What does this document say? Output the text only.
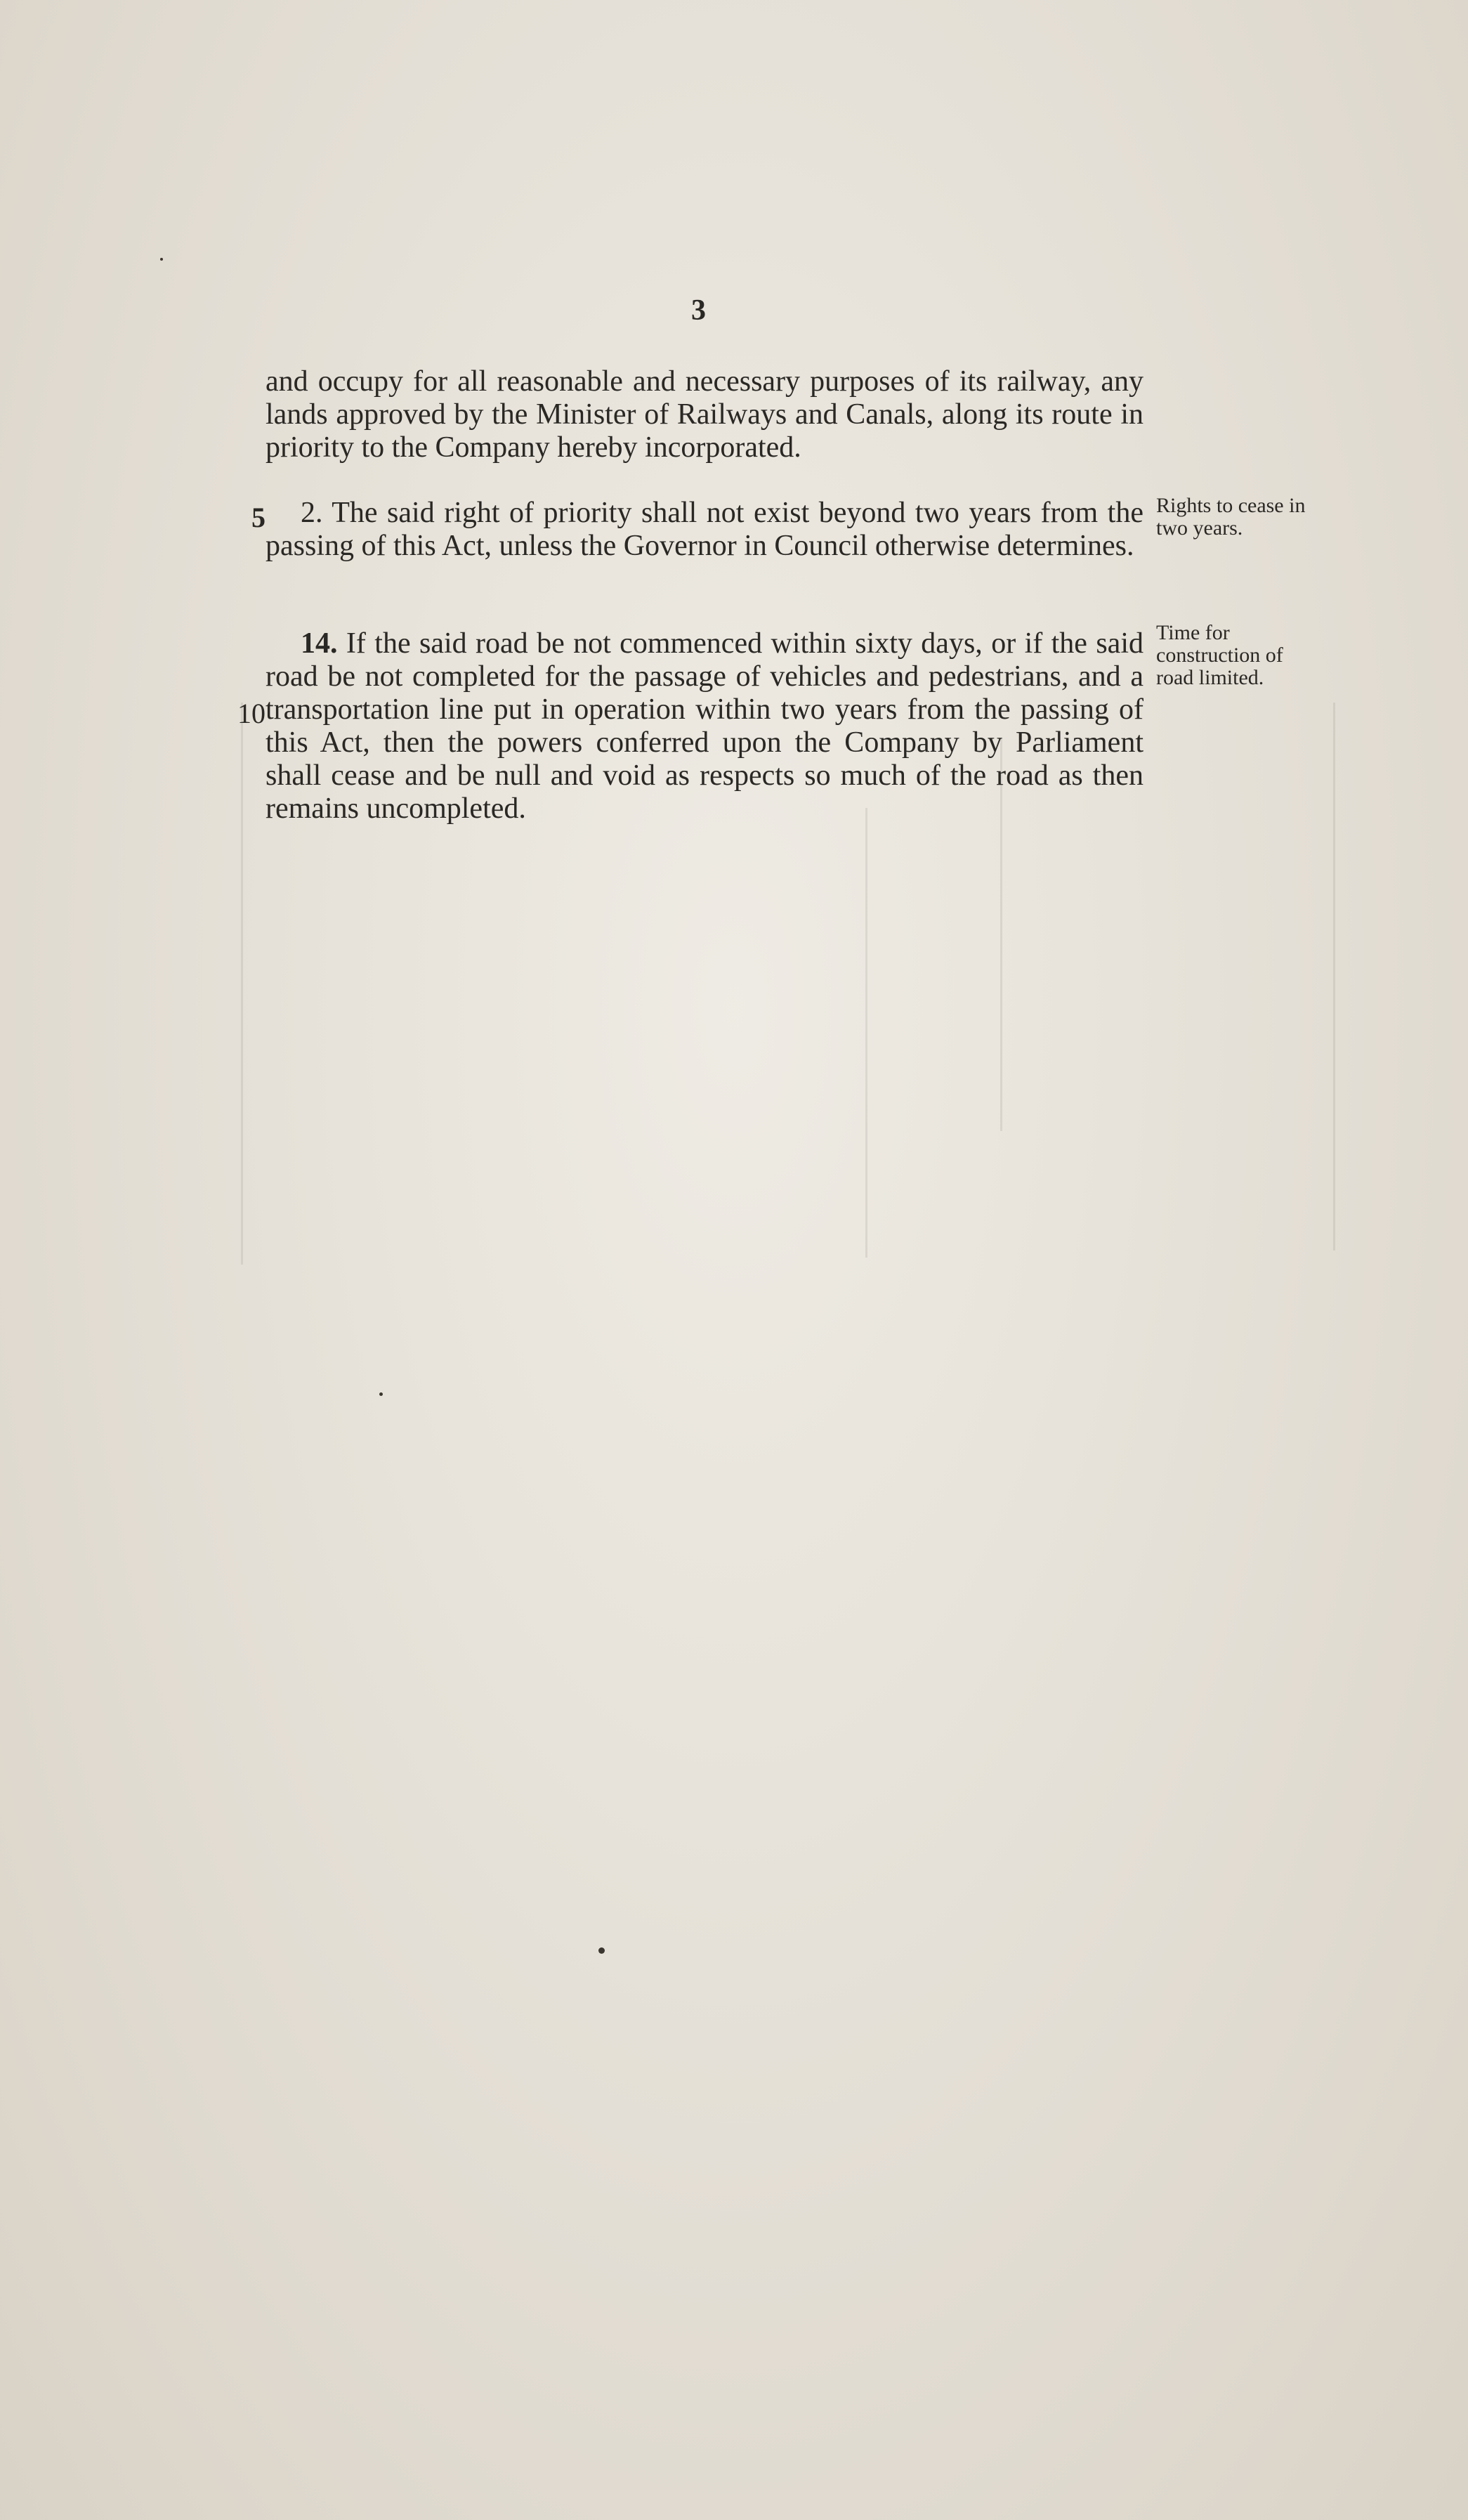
3

and occupy for all reasonable and necessary purposes of its railway, any lands approved by the Minister of Railways and Canals, along its route in priority to the Company hereby incorporated.

5	2. The said right of priority shall not exist beyond two years from the passing of this Act, unless the Governor in Council otherwise determines.

Rights to cease in two years.
10

14. If the said road be not commenced within sixty days, or if the said road be not completed for the passage of vehicles and pedestrians, and a transportation line put in operation within two years from the passing of this Act, then the powers conferred upon the Company by Parliament shall cease and be null and void as respects so much of the road as then remains uncompleted.

Time for construction of road limited.
